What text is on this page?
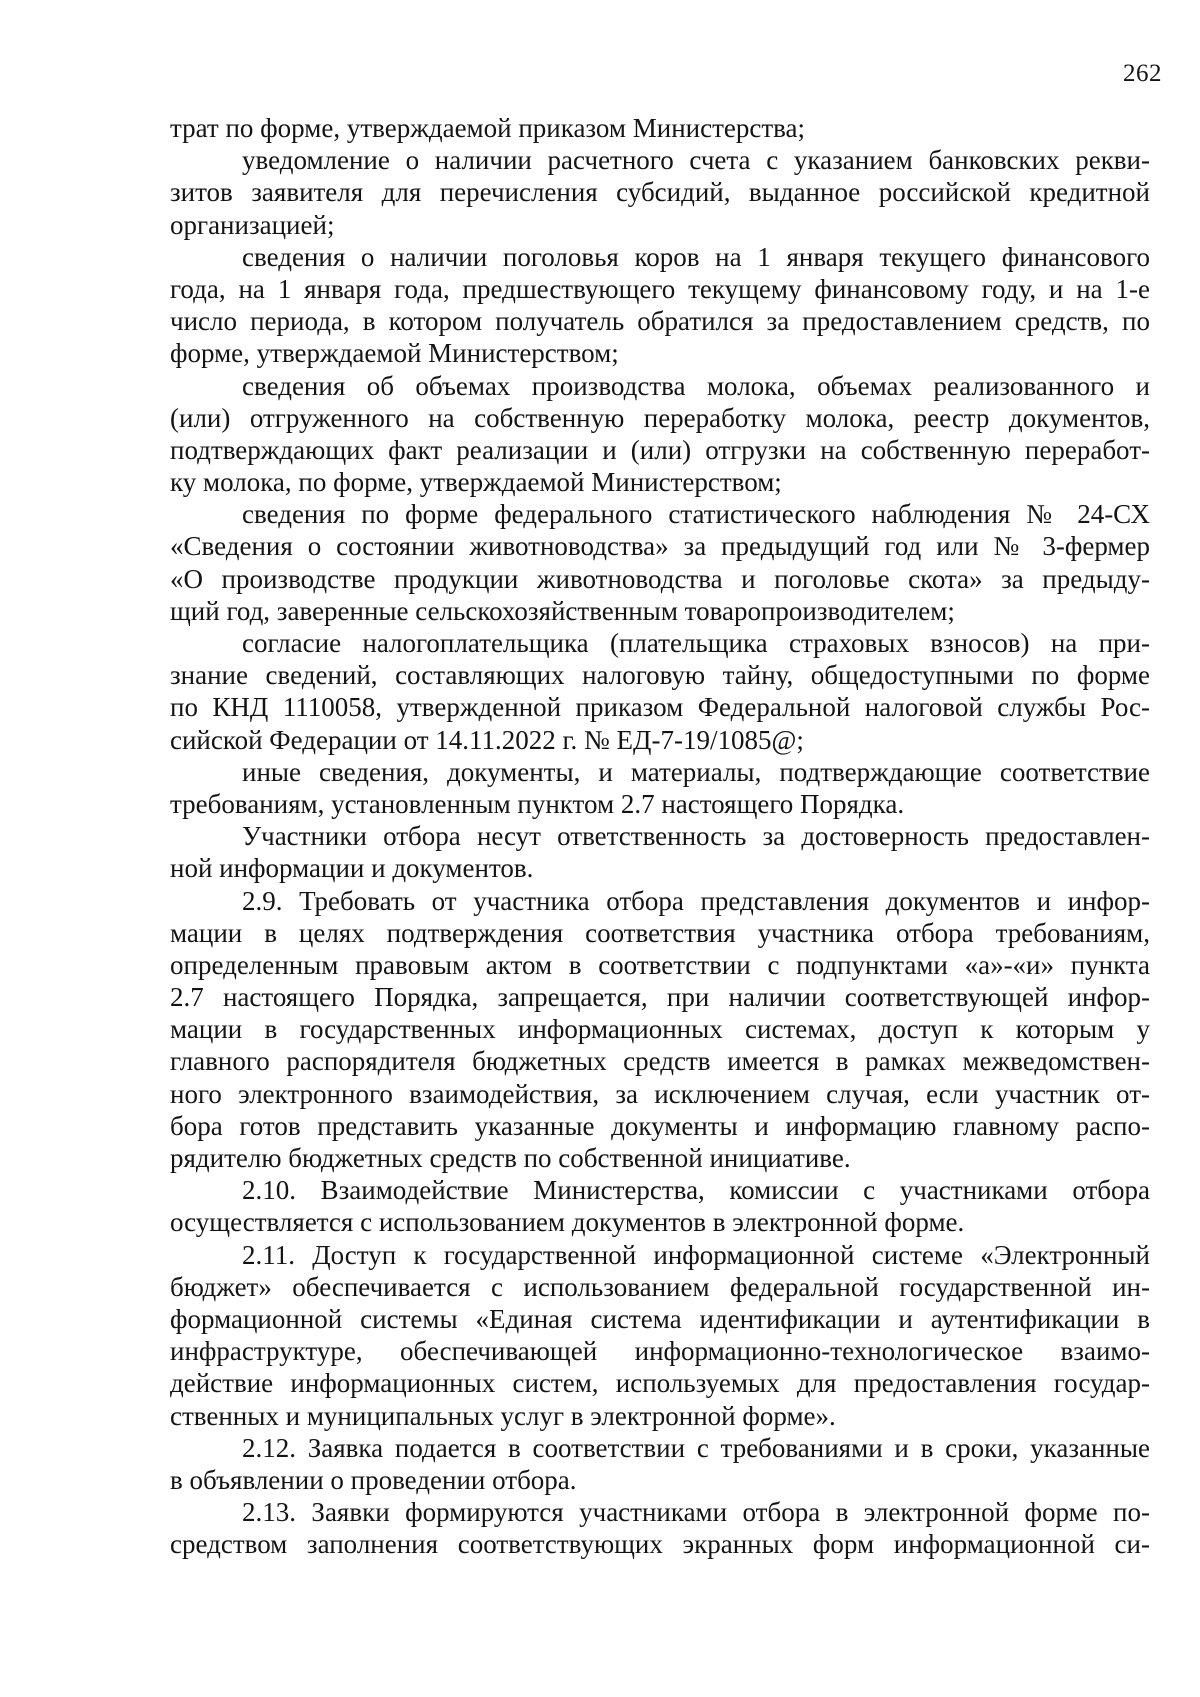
262
трат по форме, утверждаемой приказом Министерства;
уведомление о наличии расчетного счета с указанием банковских рекви-
зитов заявителя для перечисления субсидий, выданное российской кредитной
организацией;
сведения о наличии поголовья коров на 1 января текущего финансового
года, на 1 января года, предшествующего текущему финансовому году, и на 1-е
число периода, в котором получатель обратился за предоставлением средств, по
форме, утверждаемой Министерством;
сведения об объемах производства молока, объемах реализованного и
(или) отгруженного на собственную переработку молока, реестр документов,
подтверждающих факт реализации и (или) отгрузки на собственную переработ-
ку молока, по форме, утверждаемой Министерством;
сведения по форме федерального статистического наблюдения № 24-СХ
«Сведения о состоянии животноводства» за предыдущий год или № 3-фермер
«О производстве продукции животноводства и поголовье скота» за предыду-
щий год, заверенные сельскохозяйственным товаропроизводителем;
согласие налогоплательщика (плательщика страховых взносов) на при-
знание сведений, составляющих налоговую тайну, общедоступными по форме
по КНД 1110058, утвержденной приказом Федеральной налоговой службы Рос-
сийской Федерации от 14.11.2022 г. № ЕД-7-19/1085@;
иные сведения, документы, и материалы, подтверждающие соответствие
требованиям, установленным пунктом 2.7 настоящего Порядка.
Участники отбора несут ответственность за достоверность предоставлен-
ной информации и документов.
2.9. Требовать от участника отбора представления документов и инфор-
мации в целях подтверждения соответствия участника отбора требованиям,
определенным правовым актом в соответствии с подпунктами «а»-«и» пункта
2.7 настоящего Порядка, запрещается, при наличии соответствующей инфор-
мации в государственных информационных системах, доступ к которым у
главного распорядителя бюджетных средств имеется в рамках межведомствен-
ного электронного взаимодействия, за исключением случая, если участник от-
бора готов представить указанные документы и информацию главному распо-
рядителю бюджетных средств по собственной инициативе.
2.10. Взаимодействие Министерства, комиссии с участниками отбора
осуществляется с использованием документов в электронной форме.
2.11. Доступ к государственной информационной системе «Электронный
бюджет» обеспечивается с использованием федеральной государственной ин-
формационной системы «Единая система идентификации и аутентификации в
инфраструктуре, обеспечивающей информационно-технологическое взаимо-
действие информационных систем, используемых для предоставления государ-
ственных и муниципальных услуг в электронной форме».
2.12. Заявка подается в соответствии с требованиями и в сроки, указанные
в объявлении о проведении отбора.
2.13. Заявки формируются участниками отбора в электронной форме по-
средством заполнения соответствующих экранных форм информационной си-
